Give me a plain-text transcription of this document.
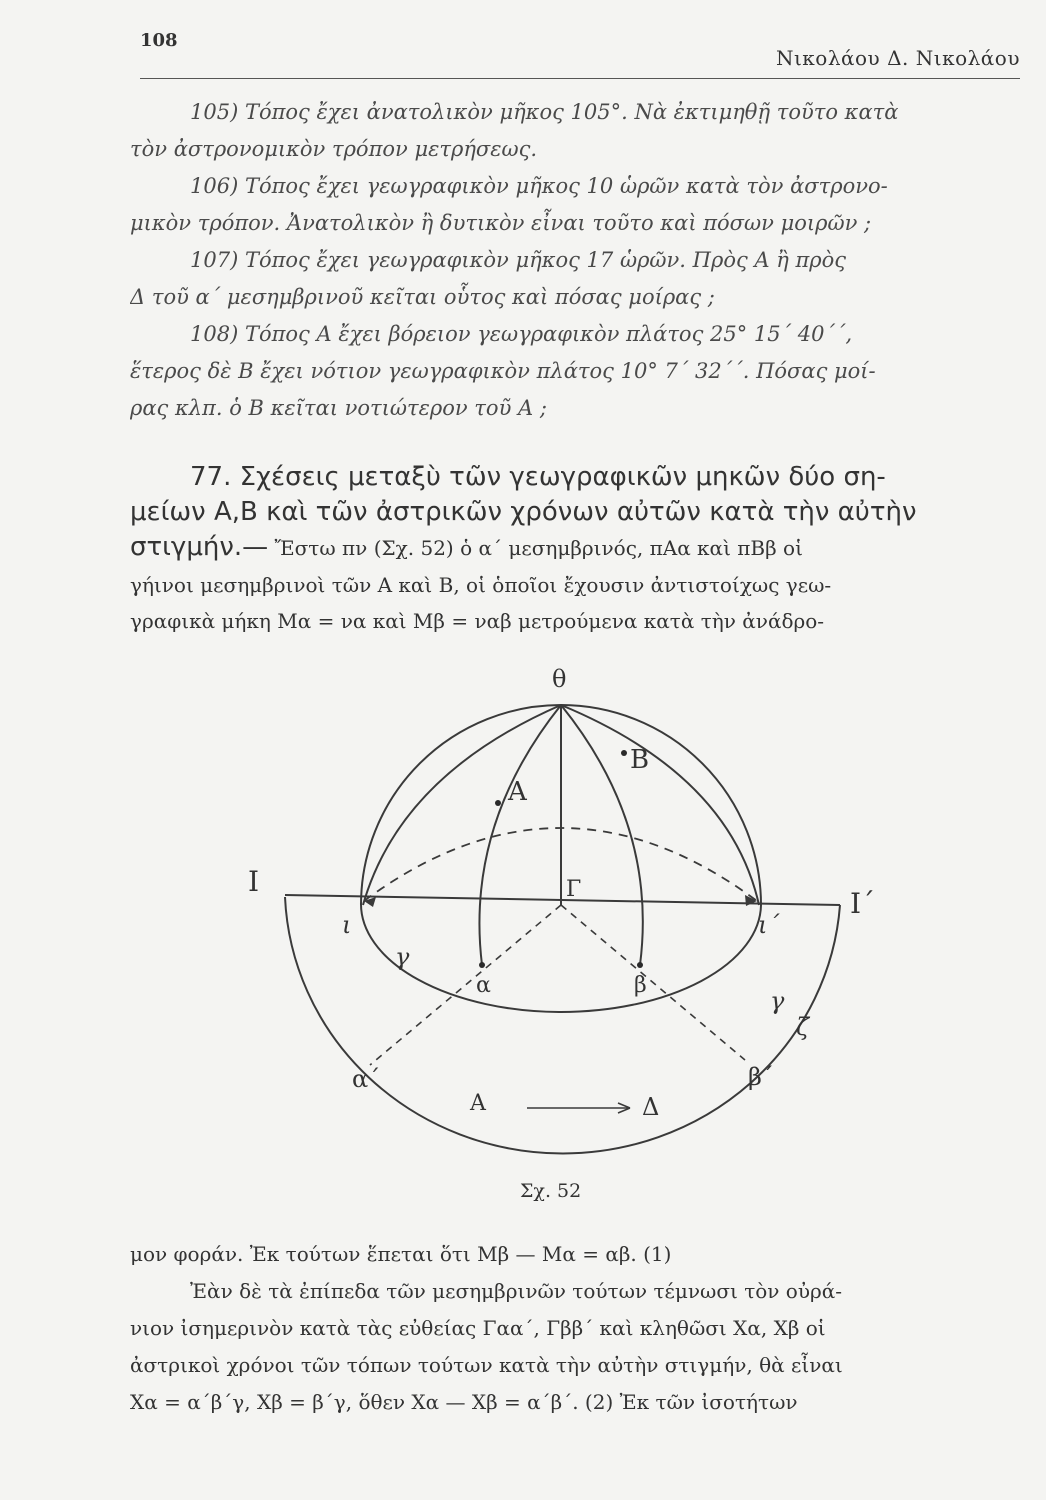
108
Νικολάου Δ. Νικολάου
105) Τόπος ἔχει ἀνατολικὸν μῆκος 105°. Νὰ ἐκτιμηθῇ τοῦτο κατὰ
τὸν ἀστρονομικὸν τρόπον μετρήσεως.
106) Τόπος ἔχει γεωγραφικὸν μῆκος 10 ὡρῶν κατὰ τὸν ἀστρονο-
μικὸν τρόπον. Ἀνατολικὸν ἢ δυτικὸν εἶναι τοῦτο καὶ πόσων μοιρῶν ;
107) Τόπος ἔχει γεωγραφικὸν μῆκος 17 ὡρῶν. Πρὸς Α ἢ πρὸς
Δ τοῦ α΄ μεσημβρινοῦ κεῖται οὗτος καὶ πόσας μοίρας ;
108) Τόπος Α ἔχει βόρειον γεωγραφικὸν πλάτος 25° 15΄ 40΄΄,
ἕτερος δὲ Β ἔχει νότιον γεωγραφικὸν πλάτος 10° 7΄ 32΄΄. Πόσας μοί-
ρας κλπ. ὁ Β κεῖται νοτιώτερον τοῦ Α ;
77. Σχέσεις μεταξὺ τῶν γεωγραφικῶν μηκῶν δύο ση-
μείων Α,Β καὶ τῶν ἀστρικῶν χρόνων αὐτῶν κατὰ τὴν αὐτὴν
στιγμήν.— Ἔστω πν (Σχ. 52) ὁ α΄ μεσημβρινός, πΑα καὶ πΒβ οἱ
γήινοι μεσημβρινοὶ τῶν Α καὶ Β, οἱ ὁποῖοι ἔχουσιν ἀντιστοίχως γεω-
γραφικὰ μήκη Μα = να καὶ Μβ = ναβ μετρούμενα κατὰ τὴν ἀνάδρο-
θ
Α
Β
Ι
Ι΄
Γ
ι	ι΄
γ
γ
ζ
α	β
α΄	β΄
Α	Δ
Σχ. 52
μον φοράν. Ἐκ τούτων ἕπεται ὅτι Μβ — Μα = αβ. (1)
Ἐὰν δὲ τὰ ἐπίπεδα τῶν μεσημβρινῶν τούτων τέμνωσι τὸν οὐρά-
νιον ἰσημερινὸν κατὰ τὰς εὐθείας Γαα΄, Γββ΄ καὶ κληθῶσι Χα, Χβ οἱ
ἀστρικοὶ χρόνοι τῶν τόπων τούτων κατὰ τὴν αὐτὴν στιγμήν, θὰ εἶναι
Χα = α΄β΄γ, Χβ = β΄γ, ὅθεν Χα — Χβ = α΄β΄. (2) Ἐκ τῶν ἰσοτήτων
